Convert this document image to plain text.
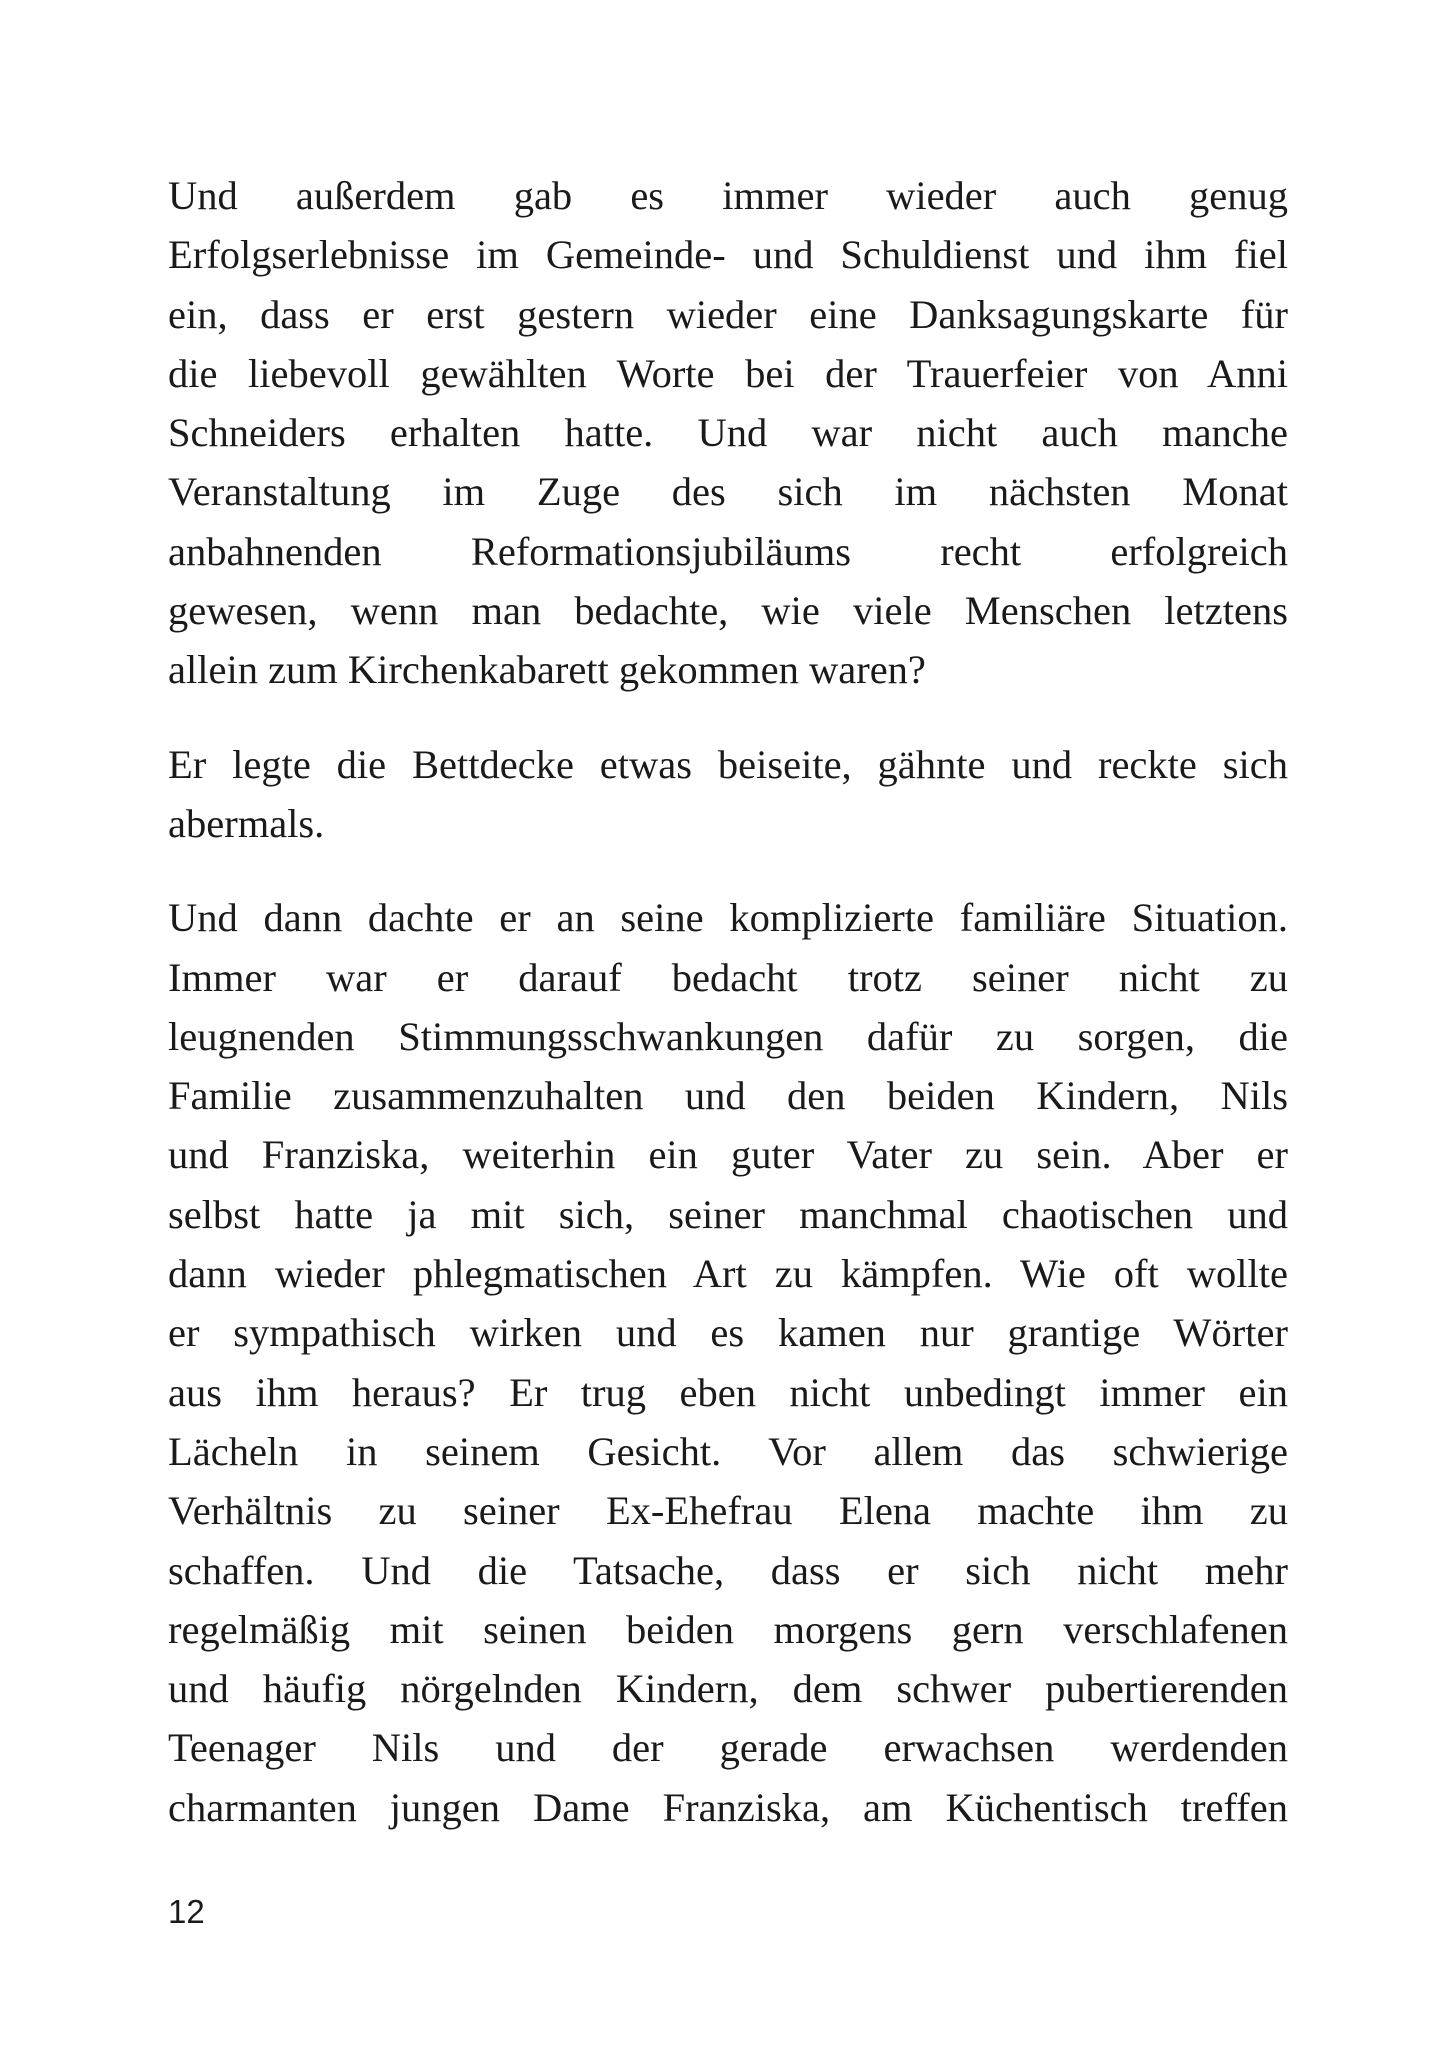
Und außerdem gab es immer wieder auch genug
Erfolgserlebnisse im Gemeinde- und Schuldienst und ihm fiel
ein, dass er erst gestern wieder eine Danksagungskarte für
die liebevoll gewählten Worte bei der Trauerfeier von Anni
Schneiders erhalten hatte. Und war nicht auch manche
Veranstaltung im Zuge des sich im nächsten Monat
anbahnenden Reformationsjubiläums recht erfolgreich
gewesen, wenn man bedachte, wie viele Menschen letztens
allein zum Kirchenkabarett gekommen waren?
Er legte die Bettdecke etwas beiseite, gähnte und reckte sich
abermals.
Und dann dachte er an seine komplizierte familiäre Situation.
Immer war er darauf bedacht trotz seiner nicht zu
leugnenden Stimmungsschwankungen dafür zu sorgen, die
Familie zusammenzuhalten und den beiden Kindern, Nils
und Franziska, weiterhin ein guter Vater zu sein. Aber er
selbst hatte ja mit sich, seiner manchmal chaotischen und
dann wieder phlegmatischen Art zu kämpfen. Wie oft wollte
er sympathisch wirken und es kamen nur grantige Wörter
aus ihm heraus? Er trug eben nicht unbedingt immer ein
Lächeln in seinem Gesicht. Vor allem das schwierige
Verhältnis zu seiner Ex-Ehefrau Elena machte ihm zu
schaffen. Und die Tatsache, dass er sich nicht mehr
regelmäßig mit seinen beiden morgens gern verschlafenen
und häufig nörgelnden Kindern, dem schwer pubertierenden
Teenager Nils und der gerade erwachsen werdenden
charmanten jungen Dame Franziska, am Küchentisch treffen
12
